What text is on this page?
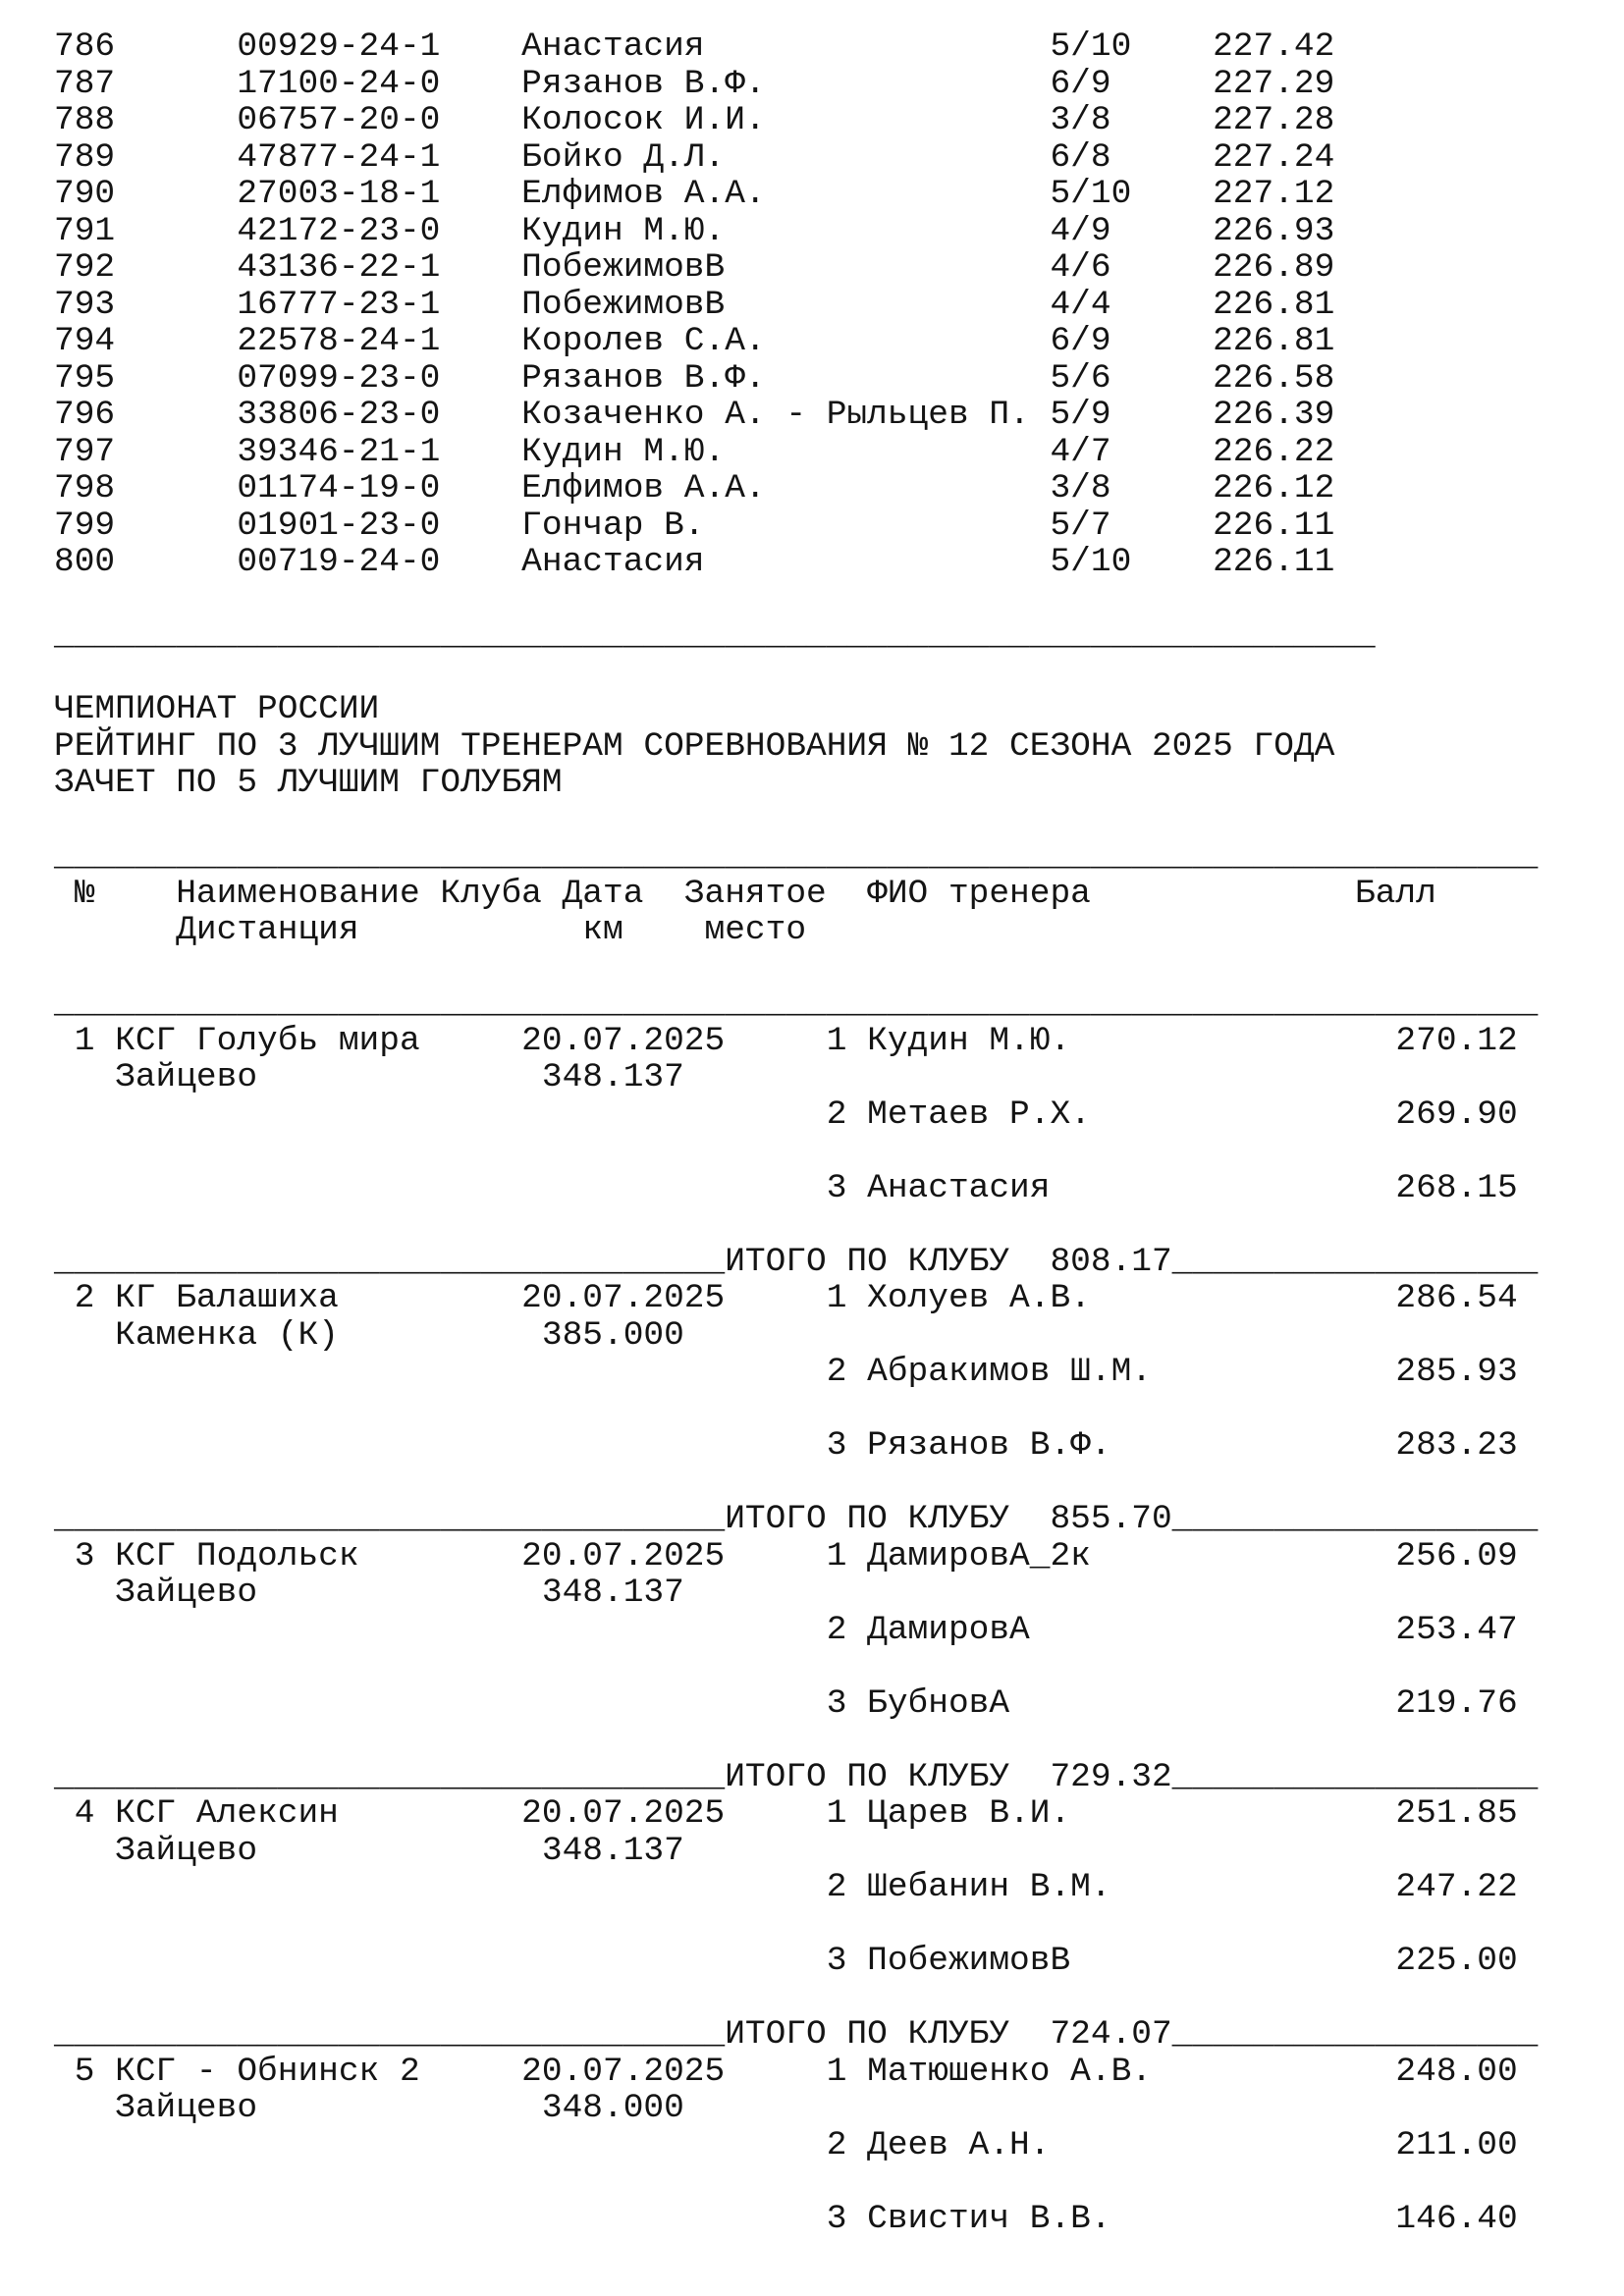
786	00929-24-1 Анастасия	5/10 227.42
787	17100-24-0 Рязанов В.Ф.	6/9	227.29
788	06757-20-0 Колосок И.И.	3/8	227.28
789	47877-24-1 Бойко Д.Л.	6/8	227.24
790	27003-18-1 Елфимов А.А.	5/10 227.12
791	42172-23-0 Кудин М.Ю.	4/9	226.93
792	43136-22-1 ПобежимовВ	4/6	226.89
793	16777-23-1 ПобежимовВ	4/4	226.81
794	22578-24-1 Королев С.А.	6/9	226.81
795	07099-23-0 Рязанов В.Ф.	5/6	226.58
796	33806-23-0 Козаченко А. - Рыльцев П. 5/9	226.39
797	39346-21-1 Кудин М.Ю.	4/7	226.22
798	01174-19-0 Елфимов А.А.	3/8	226.12
799	01901-23-0 Гончар В.	5/7	226.11
800	00719-24-0 Анастасия	5/10 226.11
_________________________________________________________________
ЧЕМПИОНАТ РОССИИ
РЕЙТИНГ ПО 3 ЛУЧШИМ ТРЕНЕРАМ СОРЕВНОВАНИЯ № 12 СЕЗОНА 2025 ГОДА
ЗАЧЕТ ПО 5 ЛУЧШИМ ГОЛУБЯМ
_________________________________________________________________________
№ Наименование Клуба Дата Занятое ФИО тренера	Балл
Дистанция	км место
_________________________________________________________________________
1 КСГ Голубь мира	20.07.2025	1 Кудин М.Ю.	270.12
Зайцево	348.137
2 Метаев Р.Х.	269.90
3 Анастасия	268.15
_________________________________ ИТОГО ПО КЛУБУ 808.17 __________________
2 КГ Балашиха	20.07.2025	1 Холуев А.В.	286.54
Каменка (К)	385.000
2 Абракимов Ш.М.	285.93
3 Рязанов В.Ф.	283.23
_________________________________ ИТОГО ПО КЛУБУ 855.70 __________________
3 КСГ Подольск	20.07.2025	1 ДамировА_2к	256.09
Зайцево	348.137
2 ДамировА	253.47
3 БубновА	219.76
_________________________________ ИТОГО ПО КЛУБУ 729.32 __________________
4 КСГ Алексин	20.07.2025	1 Царев В.И.	251.85
Зайцево	348.137
2 Шебанин В.М.	247.22
3 ПобежимовВ	225.00
_________________________________ ИТОГО ПО КЛУБУ 724.07 __________________
5 КСГ - Обнинск 2	20.07.2025	1 Матюшенко А.В.	248.00
Зайцево	348.000
2 Деев А.Н.	211.00
3 Свистич В.В.	146.40
